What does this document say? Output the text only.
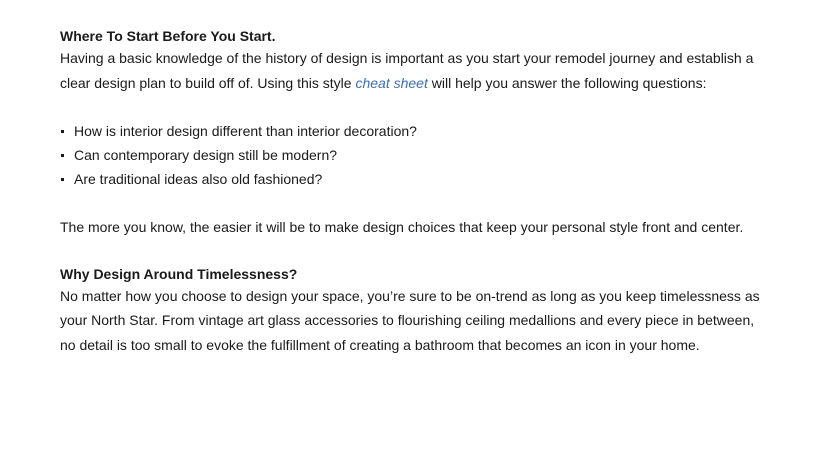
Where To Start Before You Start.

Having a basic knowledge of the history of design is important as you start your remodel journey and establish a clear design plan to build off of. Using this style cheat sheet will help you answer the following questions:

How is interior design different than interior decoration?
Can contemporary design still be modern?
Are traditional ideas also old fashioned?

The more you know, the easier it will be to make design choices that keep your personal style front and center.

Why Design Around Timelessness?

No matter how you choose to design your space, you’re sure to be on-trend as long as you keep timelessness as your North Star. From vintage art glass accessories to flourishing ceiling medallions and every piece in between, no detail is too small to evoke the fulfillment of creating a bathroom that becomes an icon in your home.
